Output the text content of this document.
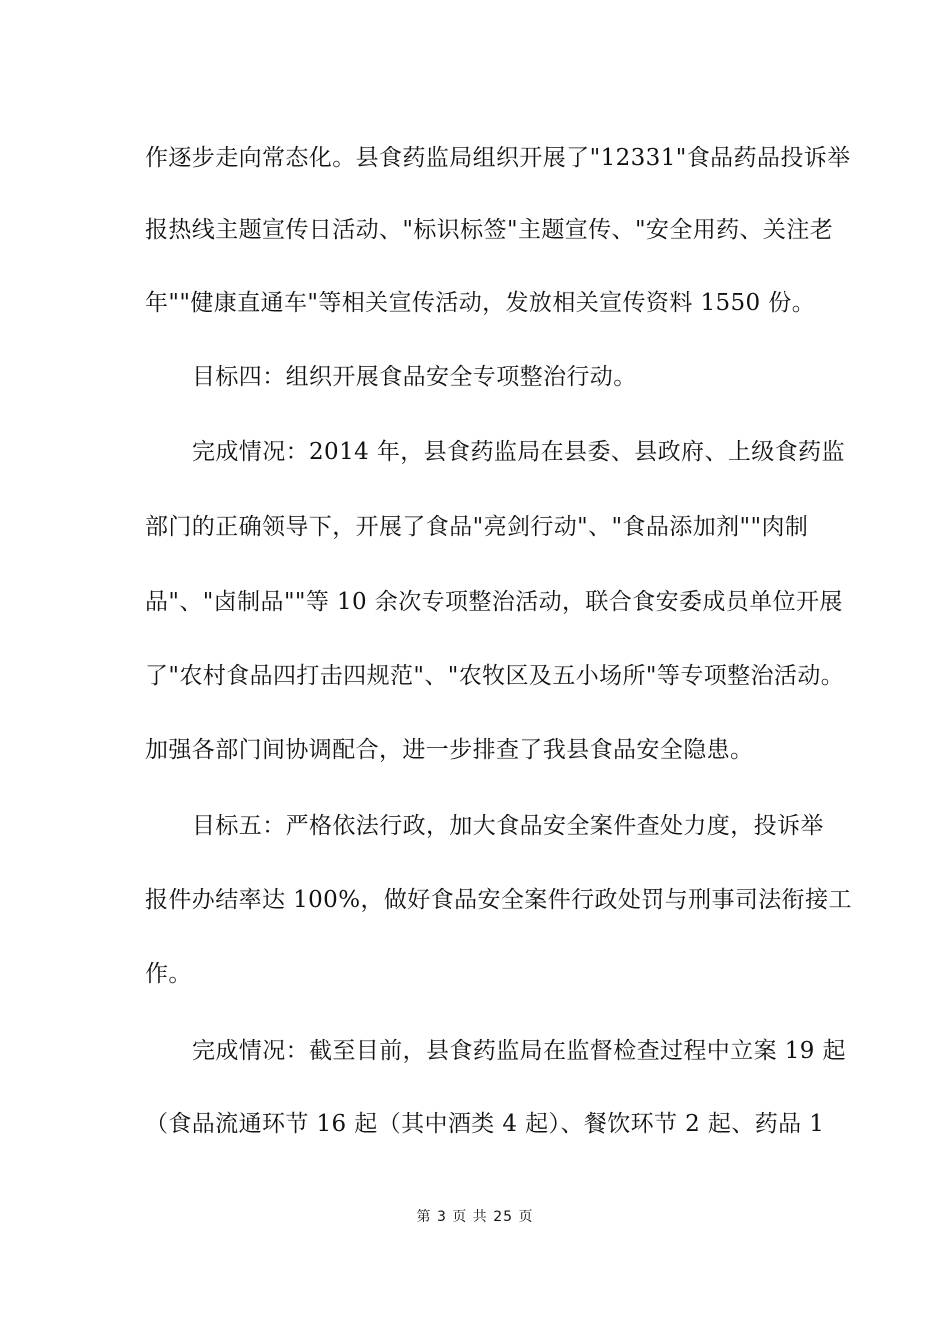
作逐步走向常态化。县食药监局组织开展了"12331"食品药品投诉举
报热线主题宣传日活动、"标识标签"主题宣传、"安全用药、关注老
年""健康直通车"等相关宣传活动，发放相关宣传资料 1550 份。
目标四：组织开展食品安全专项整治行动。
完成情况：2014 年，县食药监局在县委、县政府、上级食药监
部门的正确领导下，开展了食品"亮剑行动"、"食品添加剂""肉制
品"、"卤制品""等 10 余次专项整治活动，联合食安委成员单位开展
了"农村食品四打击四规范"、"农牧区及五小场所"等专项整治活动。
加强各部门间协调配合，进一步排查了我县食品安全隐患。
目标五：严格依法行政，加大食品安全案件查处力度，投诉举
报件办结率达 100%，做好食品安全案件行政处罚与刑事司法衔接工
作。
完成情况：截至目前，县食药监局在监督检查过程中立案 19 起
（食品流通环节 16 起（其中酒类 4 起）、餐饮环节 2 起、药品 1
第 3 页 共 25 页
